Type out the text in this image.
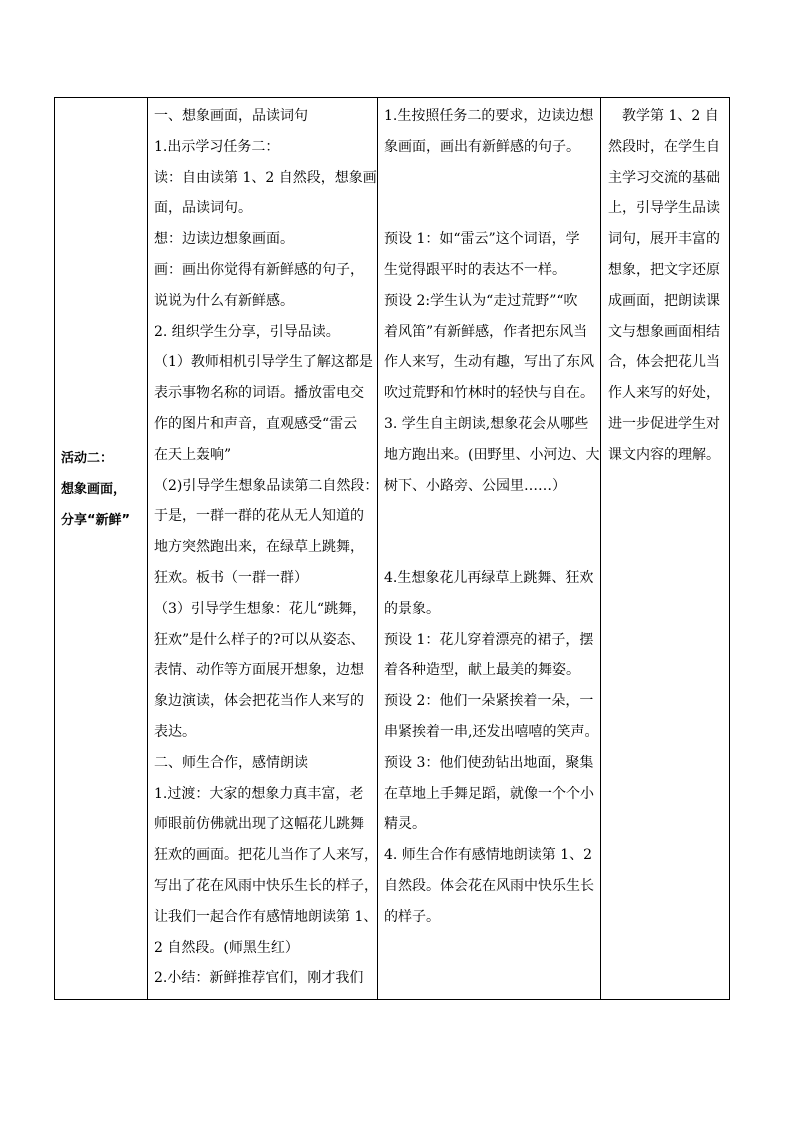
活动二：
想象画面，
分享“新鲜”
一、想象画面，品读词句
1.出示学习任务二：
读：自由读第 1、2 自然段，想象画
面，品读词句。
想：边读边想象画面。
画：画出你觉得有新鲜感的句子，
说说为什么有新鲜感。
2. 组织学生分享，引导品读。
（1）教师相机引导学生了解这都是
表示事物名称的词语。播放雷电交
作的图片和声音，直观感受“雷云
在天上轰响”
（2)引导学生想象品读第二自然段：
于是，一群一群的花从无人知道的
地方突然跑出来，在绿草上跳舞，
狂欢。板书（一群一群）
（3）引导学生想象：花儿“跳舞，
狂欢”是什么样子的?可以从姿态、
表情、动作等方面展开想象，边想
象边演读，体会把花当作人来写的
表达。
二、师生合作，感情朗读
1.过渡：大家的想象力真丰富，老
师眼前仿佛就出现了这幅花儿跳舞
狂欢的画面。把花儿当作了人来写，
写出了花在风雨中快乐生长的样子，
让我们一起合作有感情地朗读第 1、
2 自然段。(师黑生红）
2.小结：新鲜推荐官们，刚才我们
1.生按照任务二的要求，边读边想
象画面，画出有新鲜感的句子。
预设 1：如“雷云”这个词语，学
生觉得跟平时的表达不一样。
预设 2:学生认为“走过荒野”“吹
着风笛”有新鲜感，作者把东风当
作人来写，生动有趣，写出了东风
吹过荒野和竹林时的轻快与自在。
3. 学生自主朗读,想象花会从哪些
地方跑出来。(田野里、小河边、大
树下、小路旁、公园里……）
4.生想象花儿再绿草上跳舞、狂欢
的景象。
预设 1：花儿穿着漂亮的裙子，摆
着各种造型，献上最美的舞姿。
预设 2：他们一朵紧挨着一朵，一
串紧挨着一串,还发出嘻嘻的笑声。
预设 3：他们使劲钻出地面，聚集
在草地上手舞足蹈，就像一个个小
精灵。
4. 师生合作有感情地朗读第 1、2
自然段。体会花在风雨中快乐生长
的样子。
　教学第 1、2 自
然段时，在学生自
主学习交流的基础
上，引导学生品读
词句，展开丰富的
想象，把文字还原
成画面，把朗读课
文与想象画面相结
合，体会把花儿当
作人来写的好处，
进一步促进学生对
课文内容的理解。
